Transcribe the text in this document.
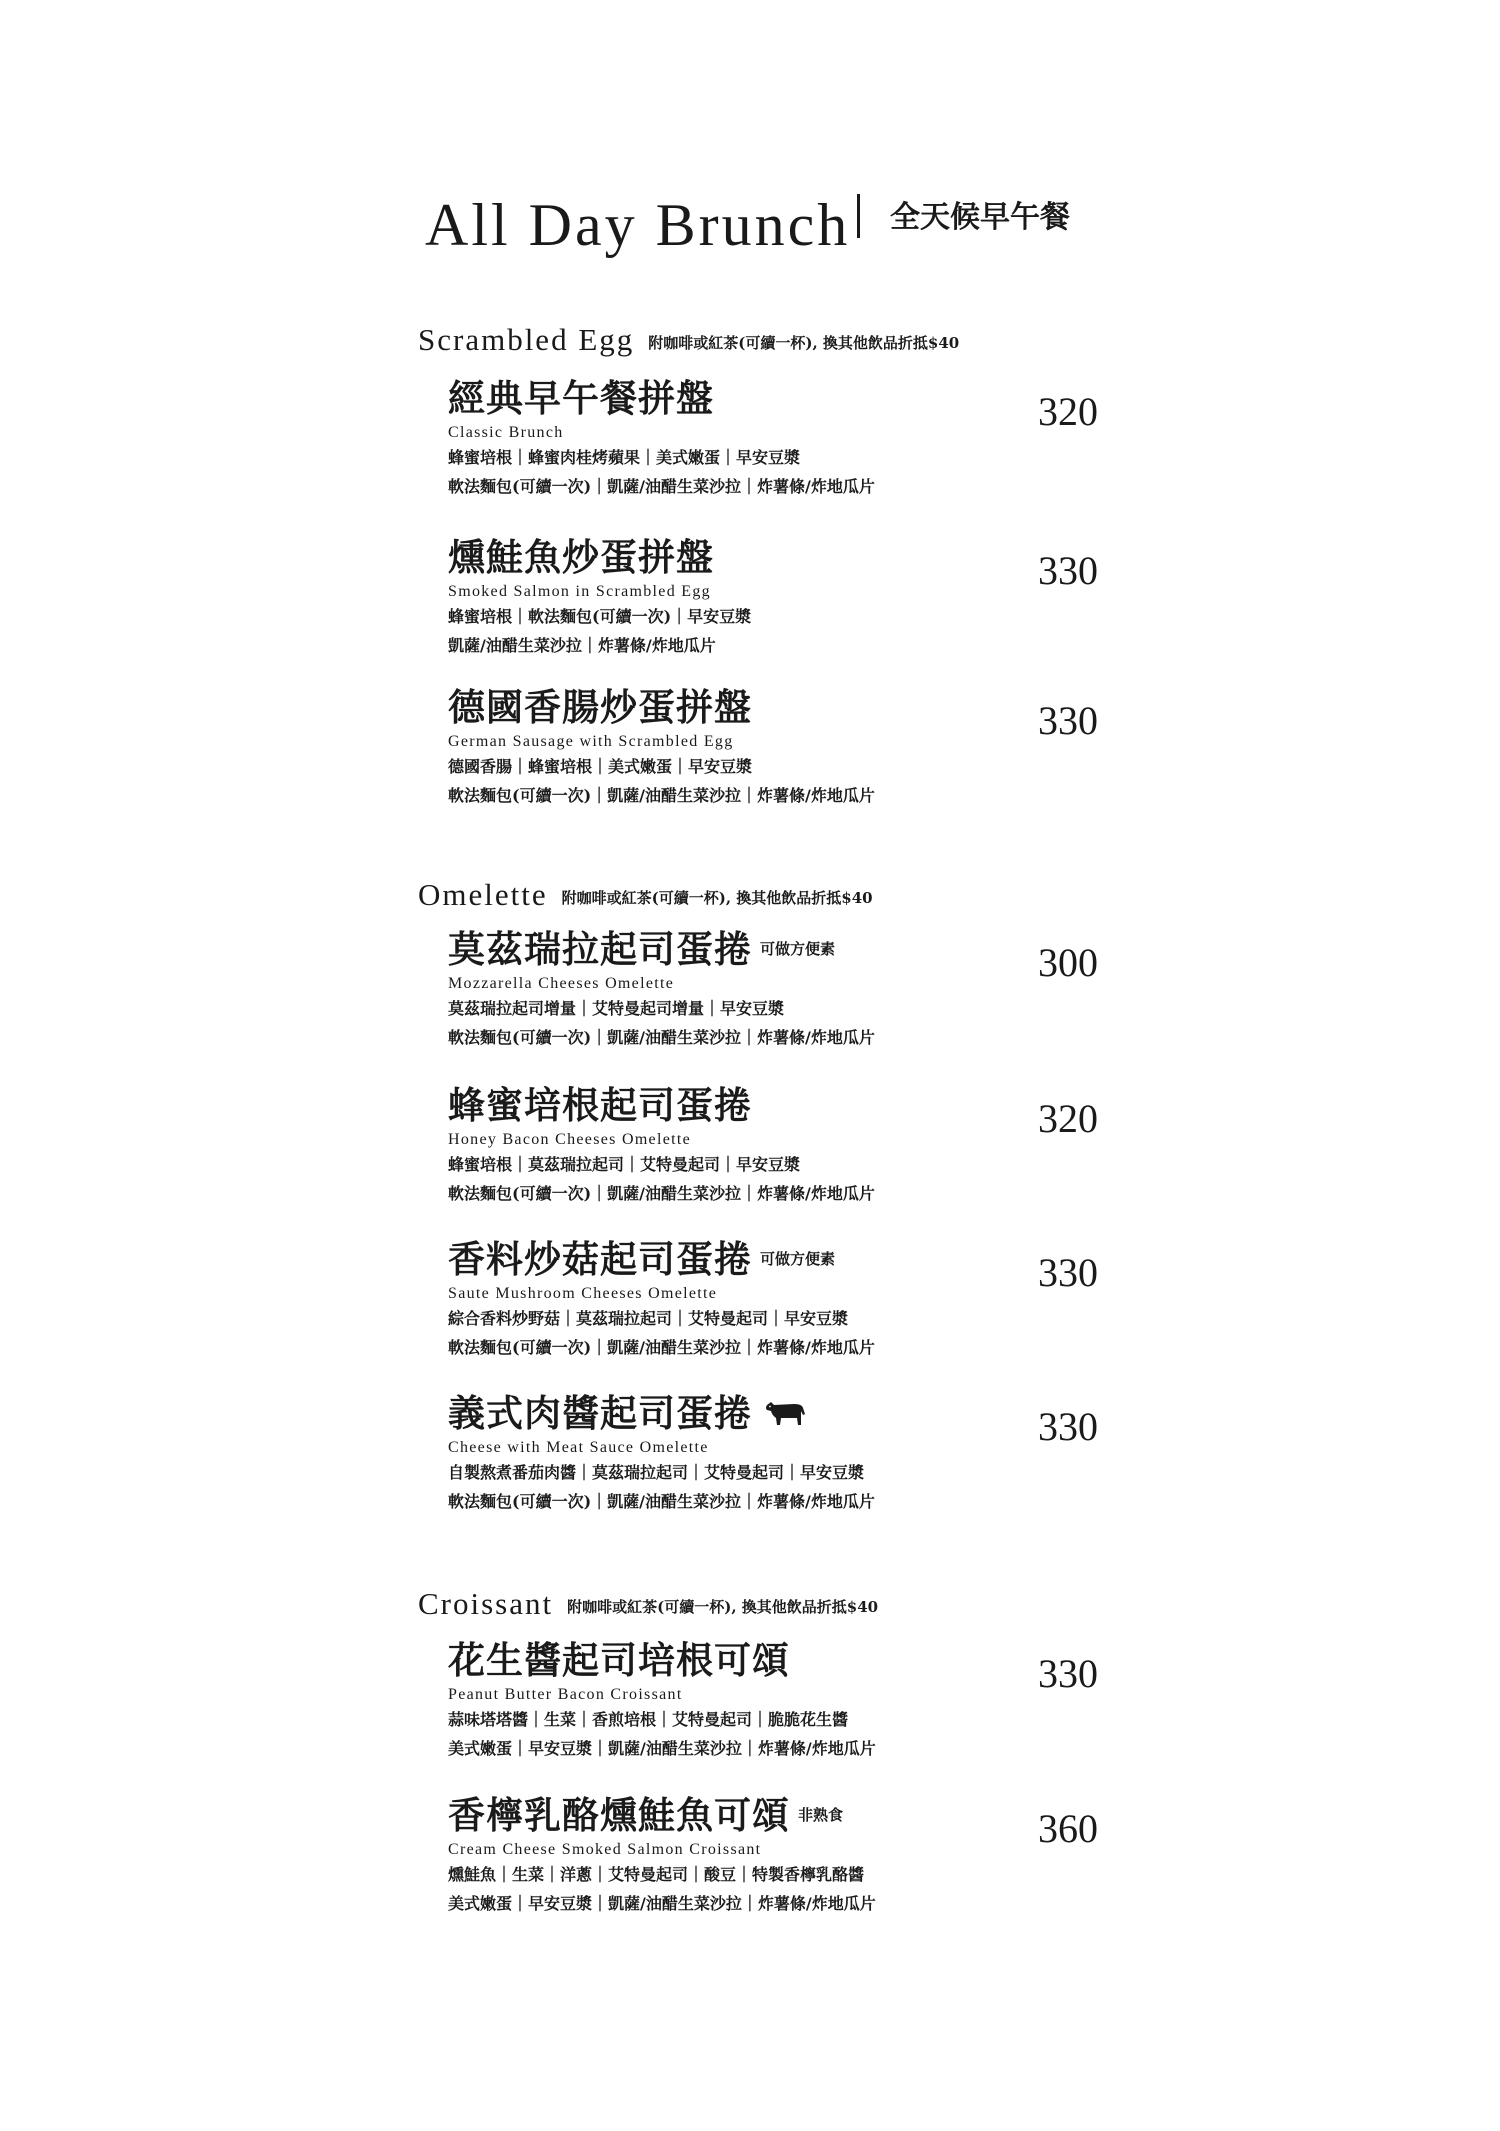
All Day Brunch 全天候早午餐
Scrambled Egg 附咖啡或紅茶(可續一杯), 換其他飲品折抵$40
經典早午餐拼盤
Classic Brunch
蜂蜜培根｜蜂蜜肉桂烤蘋果｜美式嫩蛋｜早安豆漿
軟法麵包(可續一次)｜凱薩/油醋生菜沙拉｜炸薯條/炸地瓜片
320
燻鮭魚炒蛋拼盤
Smoked Salmon in Scrambled Egg
蜂蜜培根｜軟法麵包(可續一次)｜早安豆漿
凱薩/油醋生菜沙拉｜炸薯條/炸地瓜片
330
德國香腸炒蛋拼盤
German Sausage with Scrambled Egg
德國香腸｜蜂蜜培根｜美式嫩蛋｜早安豆漿
軟法麵包(可續一次)｜凱薩/油醋生菜沙拉｜炸薯條/炸地瓜片
330
Omelette 附咖啡或紅茶(可續一杯), 換其他飲品折抵$40
莫茲瑞拉起司蛋捲 $^{可做方便素}$
Mozzarella Cheeses Omelette
莫茲瑞拉起司增量｜艾特曼起司增量｜早安豆漿
軟法麵包(可續一次)｜凱薩/油醋生菜沙拉｜炸薯條/炸地瓜片
300
蜂蜜培根起司蛋捲
Honey Bacon Cheeses Omelette
蜂蜜培根｜莫茲瑞拉起司｜艾特曼起司｜早安豆漿
軟法麵包(可續一次)｜凱薩/油醋生菜沙拉｜炸薯條/炸地瓜片
320
香料炒菇起司蛋捲 $^{可做方便素}$
Saute Mushroom Cheeses Omelette
綜合香料炒野菇｜莫茲瑞拉起司｜艾特曼起司｜早安豆漿
軟法麵包(可續一次)｜凱薩/油醋生菜沙拉｜炸薯條/炸地瓜片
330
義式肉醬起司蛋捲
Cheese with Meat Sauce Omelette
自製熬煮番茄肉醬｜莫茲瑞拉起司｜艾特曼起司｜早安豆漿
軟法麵包(可續一次)｜凱薩/油醋生菜沙拉｜炸薯條/炸地瓜片
330
Croissant 附咖啡或紅茶(可續一杯), 換其他飲品折抵$40
花生醬起司培根可頌
Peanut Butter Bacon Croissant
蒜味塔塔醬｜生菜｜香煎培根｜艾特曼起司｜脆脆花生醬
美式嫩蛋｜早安豆漿｜凱薩/油醋生菜沙拉｜炸薯條/炸地瓜片
330
香檸乳酪燻鮭魚可頌 $^{非熟食}$
Cream Cheese Smoked Salmon Croissant
燻鮭魚｜生菜｜洋蔥｜艾特曼起司｜酸豆｜特製香檸乳酪醬
美式嫩蛋｜早安豆漿｜凱薩/油醋生菜沙拉｜炸薯條/炸地瓜片
360
